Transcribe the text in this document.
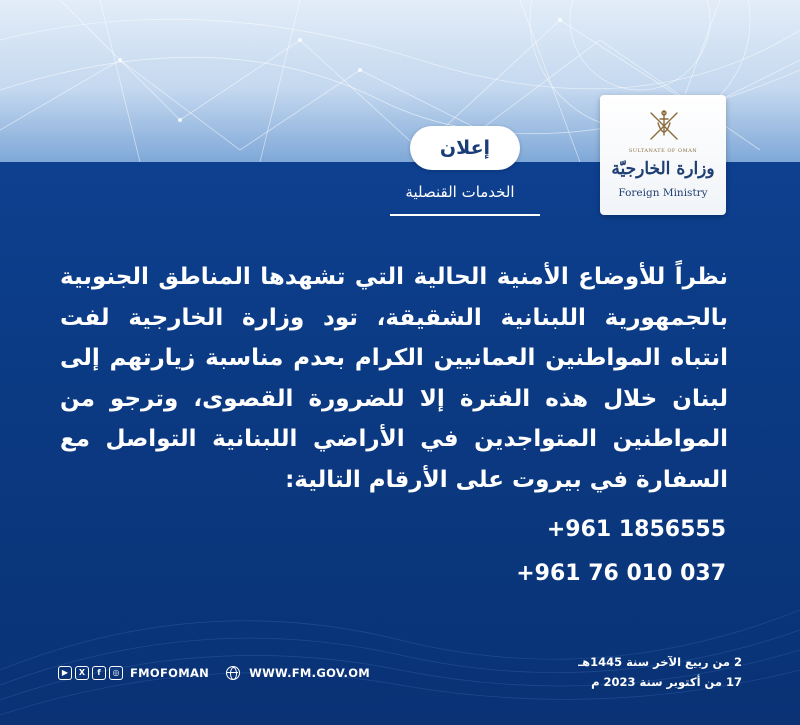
SULTANATE OF OMAN
وزارة الخارجيّة
Foreign Ministry
إعلان
الخدمات القنصلية
نظراً للأوضاع الأمنية الحالية التي تشهدها المناطق الجنوبية بالجمهورية اللبنانية الشقيقة، تود وزارة الخارجية لفت انتباه المواطنين العمانيين الكرام بعدم مناسبة زيارتهم إلى لبنان خلال هذه الفترة إلا للضرورة القصوى، وترجو من المواطنين المتواجدين في الأراضي اللبنانية التواصل مع السفارة في بيروت على الأرقام التالية:
+961 1856555
+961 76 010 037
▶	X	f	◎ FMOFOMAN	WWW.FM.GOV.OM
2 من ربيع الآخر سنة 1445هـ
17 من أكتوبر سنة 2023 م
